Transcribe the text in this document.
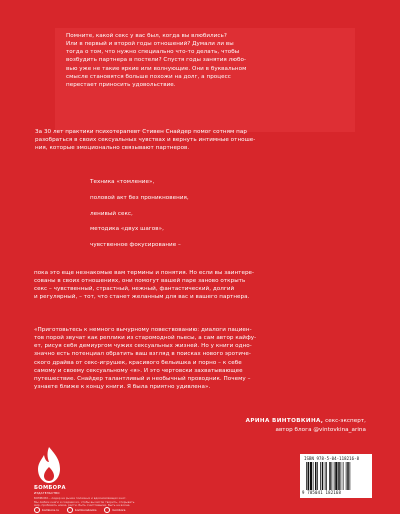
Помните, какой секс у вас был, когда вы влюбились?

Или в первый и второй годы отношений? Думали ли вы

тогда о том, что нужно специально что-то делать, чтобы

возбудить партнера в постели? Спустя годы занятия любо-

вью уже не такие яркие или волнующие. Они в буквальном

смысле становятся больше похожи на долг, а процесс

перестает приносить удовольствие.

За 30 лет практики психотерапевт Стивен Снайдер помог сотням пар

разобраться в своих сексуальных чувствах и вернуть интимные отноше-

ния, которые эмоционально связывают партнеров.

Техника «томление»,

половой акт без проникновения,

ленивый секс,

методика «двух шагов»,

чувственное фокусирование –

пока это еще незнакомые вам термины и понятия. Но если вы заинтере-

сованы в своих отношениях, они помогут вашей паре заново открыть

секс – чувственный, страстный, нежный, фантастический, долгий

и регулярный, – тот, что станет желанным для вас и вашего партнера.

«Приготовьтесь к немного вычурному повествованию: диалоги пациен-

тов порой звучат как реплики из старомодной пьесы, а сам автор кайфу-

ет, рисуя себя демиургом чужих сексуальных жизней. Но у книги одно-

значно есть потенциал обратить ваш взгляд в поисках нового эротиче-

ского драйва от секс-игрушек, красивого бельишка и порно – к себе

самому и своему сексуальному «я». И это чертовски захватывающее

путешествие. Снайдер талантливый и необычный проводник. Почему –

узнаете ближе к концу книги. Я была приятно удивлена».

АРИНА ВИНТОВКИНА, секс-эксперт,

автор блога @vintovkina_arina

БОМБОРА
ИЗДАТЕЛЬСТВО
БОМБОРА – лидер на рынке полезных и вдохновляющих книг.
Мы любим книги и создаем их, чтобы вы могли творить, открывать
мир, пробовать новое, расти. Быть счастливыми. Быть на волне.
bombora.ru	bomborabooks	bombora
ISBN 978-5-04-118216-8
9 785041 182168
